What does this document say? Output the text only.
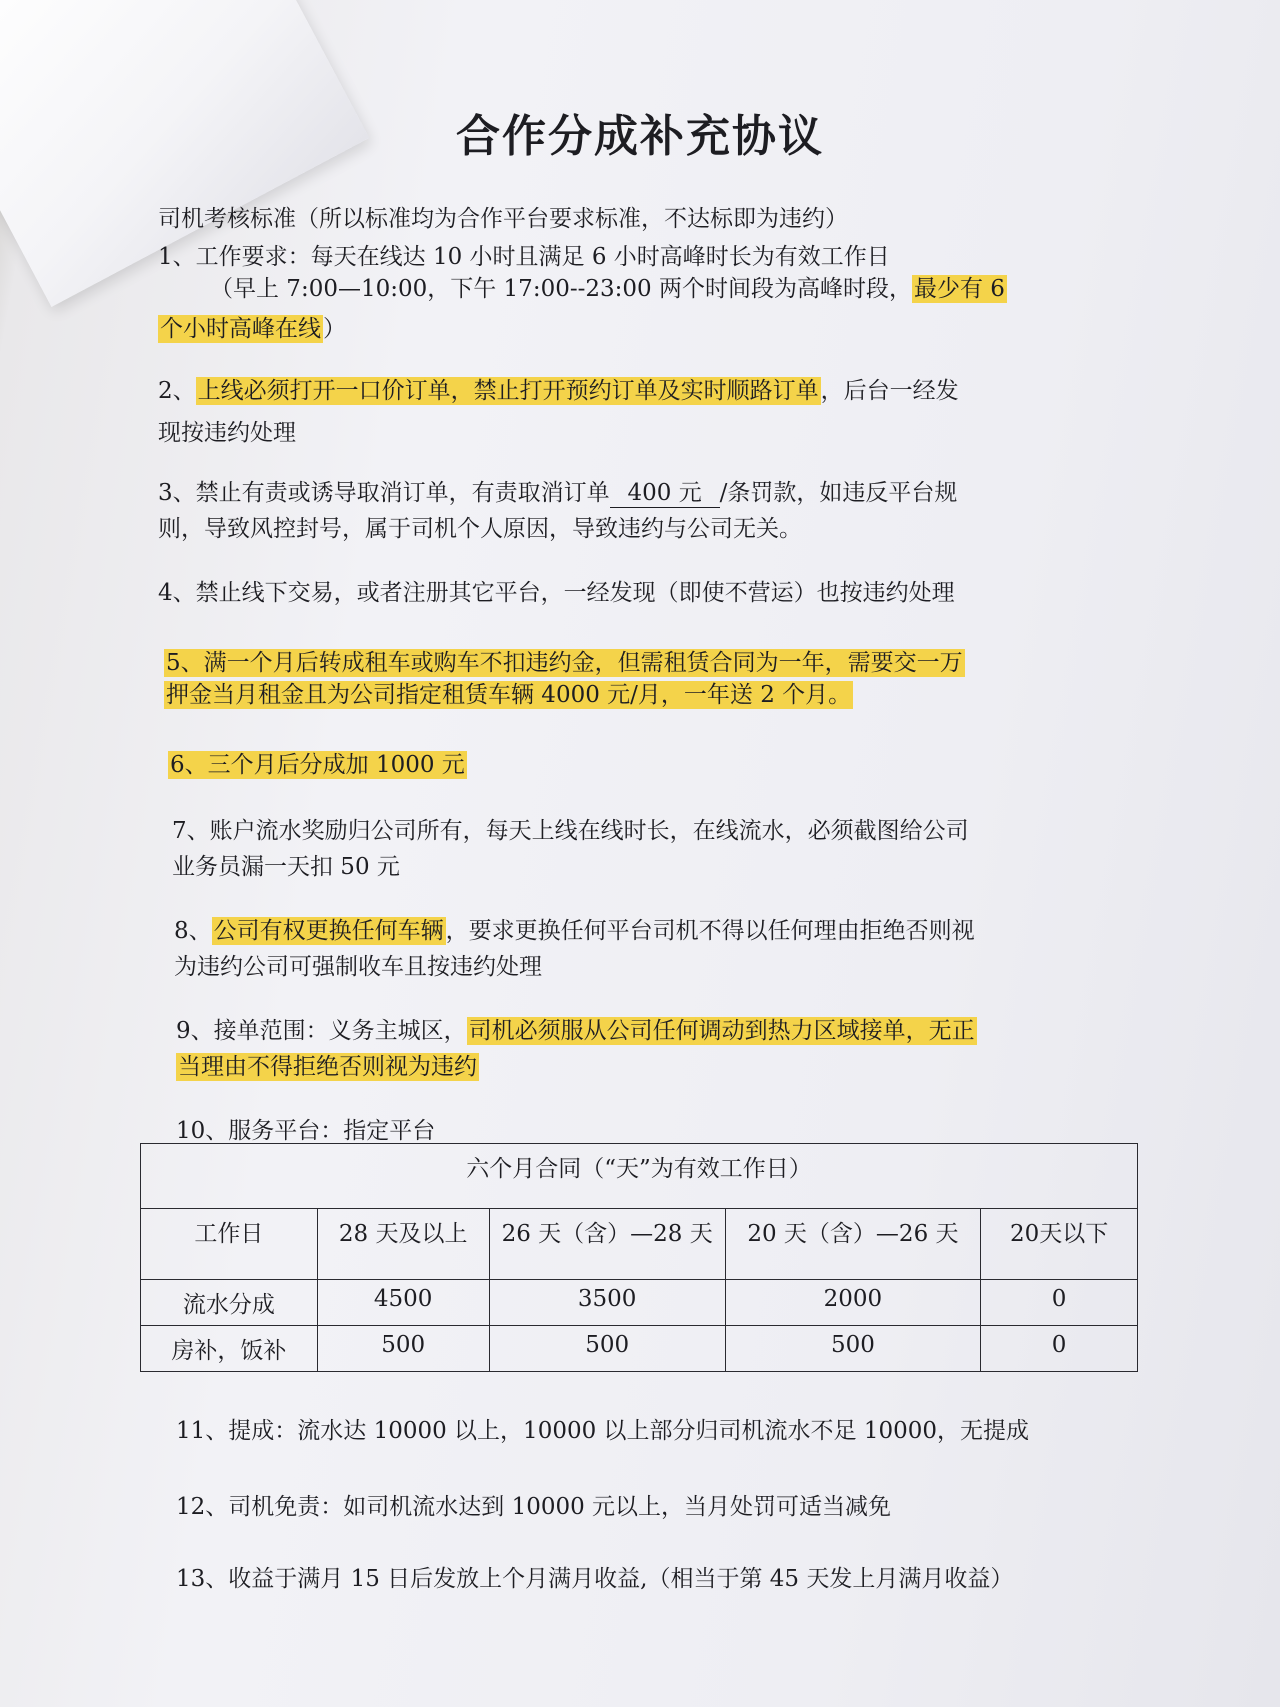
合作分成补充协议
司机考核标准（所以标准均为合作平台要求标准，不达标即为违约）
1、工作要求：每天在线达 10 小时且满足 6 小时高峰时长为有效工作日
（早上 7:00—10:00，下午 17:00--23:00 两个时间段为高峰时段，最少有 6
个小时高峰在线）
2、上线必须打开一口价订单，禁止打开预约订单及实时顺路订单，后台一经发
现按违约处理
3、禁止有责或诱导取消订单，有责取消订单 400 元 /条罚款，如违反平台规
则，导致风控封号，属于司机个人原因，导致违约与公司无关。
4、禁止线下交易，或者注册其它平台，一经发现（即使不营运）也按违约处理
5、满一个月后转成租车或购车不扣违约金，但需租赁合同为一年，需要交一万
押金当月租金且为公司指定租赁车辆 4000 元/月，一年送 2 个月。
6、三个月后分成加 1000 元
7、账户流水奖励归公司所有，每天上线在线时长，在线流水，必须截图给公司
业务员漏一天扣 50 元
8、公司有权更换任何车辆，要求更换任何平台司机不得以任何理由拒绝否则视
为违约公司可强制收车且按违约处理
9、接单范围：义务主城区，司机必须服从公司任何调动到热力区域接单，无正
当理由不得拒绝否则视为违约
10、服务平台：指定平台
六个月合同（“天”为有效工作日）				
工作日	28 天及以上	26 天（含）—28 天	20 天（含）—26 天	20天以下
流水分成	4500	3500	2000	0
房补，饭补	500	500	500	0
11、提成：流水达 10000 以上，10000 以上部分归司机流水不足 10000，无提成
12、司机免责：如司机流水达到 10000 元以上，当月处罚可适当减免
13、收益于满月 15 日后发放上个月满月收益,（相当于第 45 天发上月满月收益）
